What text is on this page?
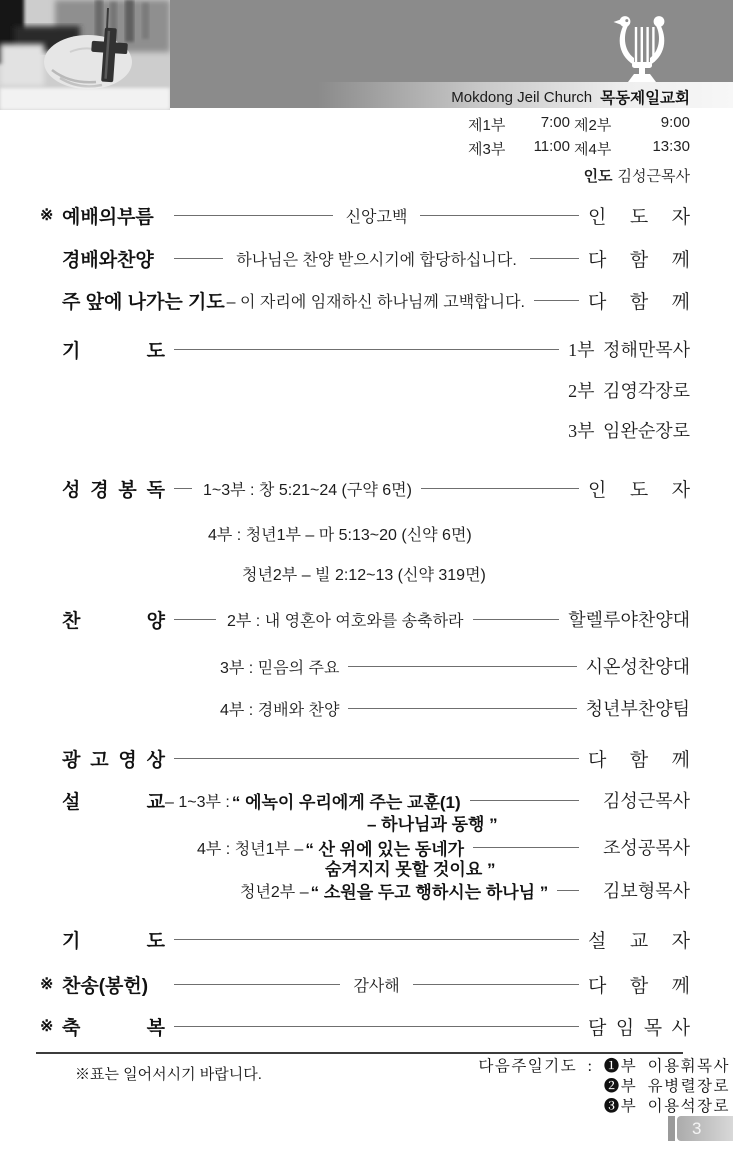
Mokdong Jeil Church 목동제일교회
제1부	7:00 제2부	9:00
제3부	11:00 제4부	13:30
인도 김성근목사
※ 예배의부름	신앙고백	인 도 자
경배와찬양	하나님은 찬양 받으시기에 합당하십니다.	다 함 께
주 앞에 나가는 기도 – 이 자리에 임재하신 하나님께 고백합니다.	다 함 께
기 도	1부 정해만목사
2부 김영각장로
3부 임완순장로
성 경 봉 독 1~3부 : 창 5:21~24 (구약 6면)	인 도 자
4부 : 청년1부 – 마 5:13~20 (신약 6면)
청년2부 – 빌 2:12~13 (신약 319면)
찬 양	2부 : 내 영혼아 여호와를 송축하라	할렐루야찬양대
3부 : 믿음의 주요	시온성찬양대
4부 : 경배와 찬양	청년부찬양팀
광 고 영 상	다 함 께
설 교 – 1~3부 : “ 에녹이 우리에게 주는 교훈(1)	김성근목사
– 하나님과 동행 ”
4부 : 청년1부 – “ 산 위에 있는 동네가	조성공목사
숨겨지지 못할 것이요 ”
청년2부 – “ 소원을 두고 행하시는 하나님 ”	김보형목사
기 도	설 교 자
※ 찬송(봉헌)	감사해	다 함 께
※ 축 복	담 임 목 사
※표는 일어서시기 바랍니다.	다음주일기도 : ❶부 이용휘목사
❷부 유병렬장로
❸부 이용석장로
3
